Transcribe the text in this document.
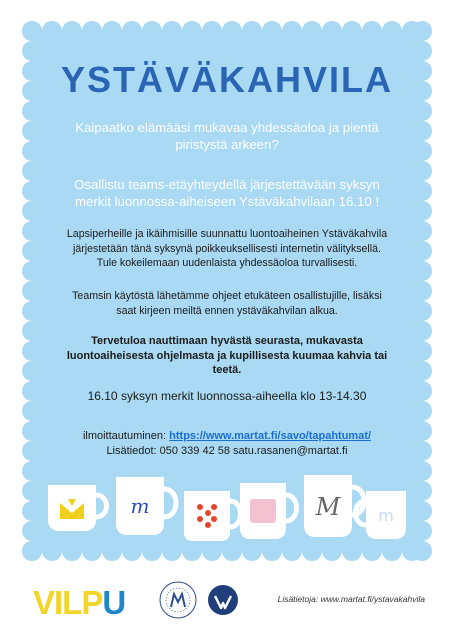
YSTÄVÄKAHVILA

Kaipaatko elämääsi mukavaa yhdessäoloa ja pientä
piristystä arkeen?

Osallistu teams-etäyhteydellä järjestettävään syksyn
merkit luonnossa-aiheiseen Ystäväkahvilaan 16.10 !

Lapsiperheille ja ikäihmisille suunnattu luontoaiheinen Ystäväkahvila
järjestetään tänä syksynä poikkeuksellisesti internetin välityksellä.
Tule kokeilemaan uudenlaista yhdessäoloa turvallisesti.

Teamsin käytöstä lähetämme ohjeet etukäteen osallistujille, lisäksi
saat kirjeen meiltä ennen ystäväkahvilan alkua.

Tervetuloa nauttimaan hyvästä seurasta, mukavasta
luontoaiheisesta ohjelmasta ja kupillisesta kuumaa kahvia tai
teetä.

16.10 syksyn merkit luonnossa-aiheella klo 13-14.30

ilmoittautuminen: https://www.martat.fi/savo/tapahtumat/

Lisätiedot: 050 339 42 58 satu.rasanen@martat.fi

m	M m
VILPU	Lisätietoja: www.martat.fi/ystavakahvila
